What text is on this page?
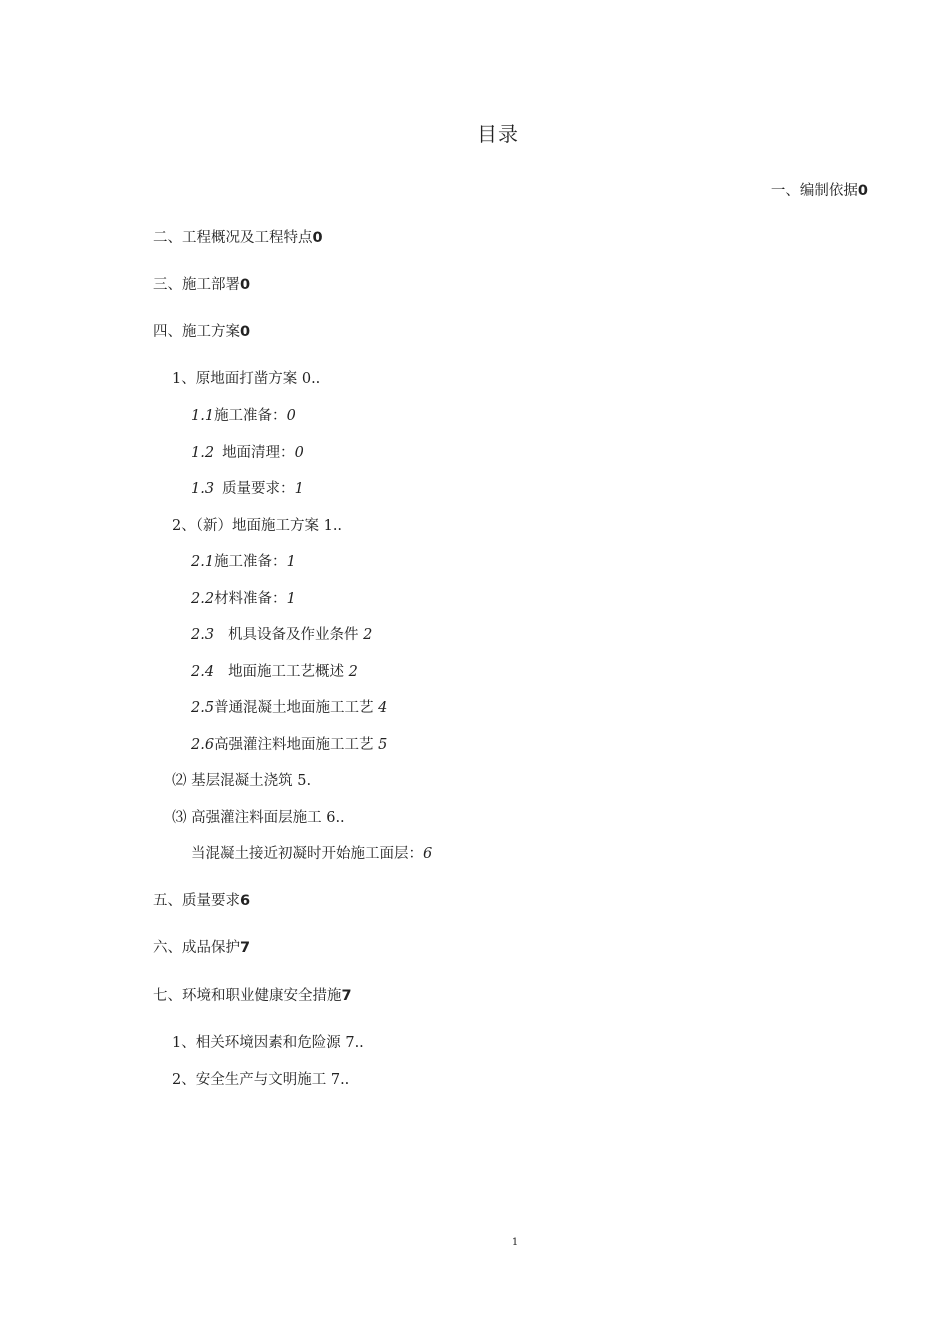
目录
一、编制依据0
二、工程概况及工程特点0
三、施工部署0
四、施工方案0
1、原地面打凿方案 0..
1.1施工准备：0
1.2 地面清理：0
1.3 质量要求：1
2、（新）地面施工方案 1..
2.1施工准备：1
2.2材料准备：1
2.3 机具设备及作业条件 2
2.4 地面施工工艺概述 2
2.5普通混凝土地面施工工艺 4
2.6高强灌注料地面施工工艺 5
⑵ 基层混凝土浇筑 5.
⑶ 高强灌注料面层施工 6..
当混凝土接近初凝时开始施工面层：6
五、质量要求6
六、成品保护7
七、环境和职业健康安全措施7
1、相关环境因素和危险源 7..
2、安全生产与文明施工 7..
1
